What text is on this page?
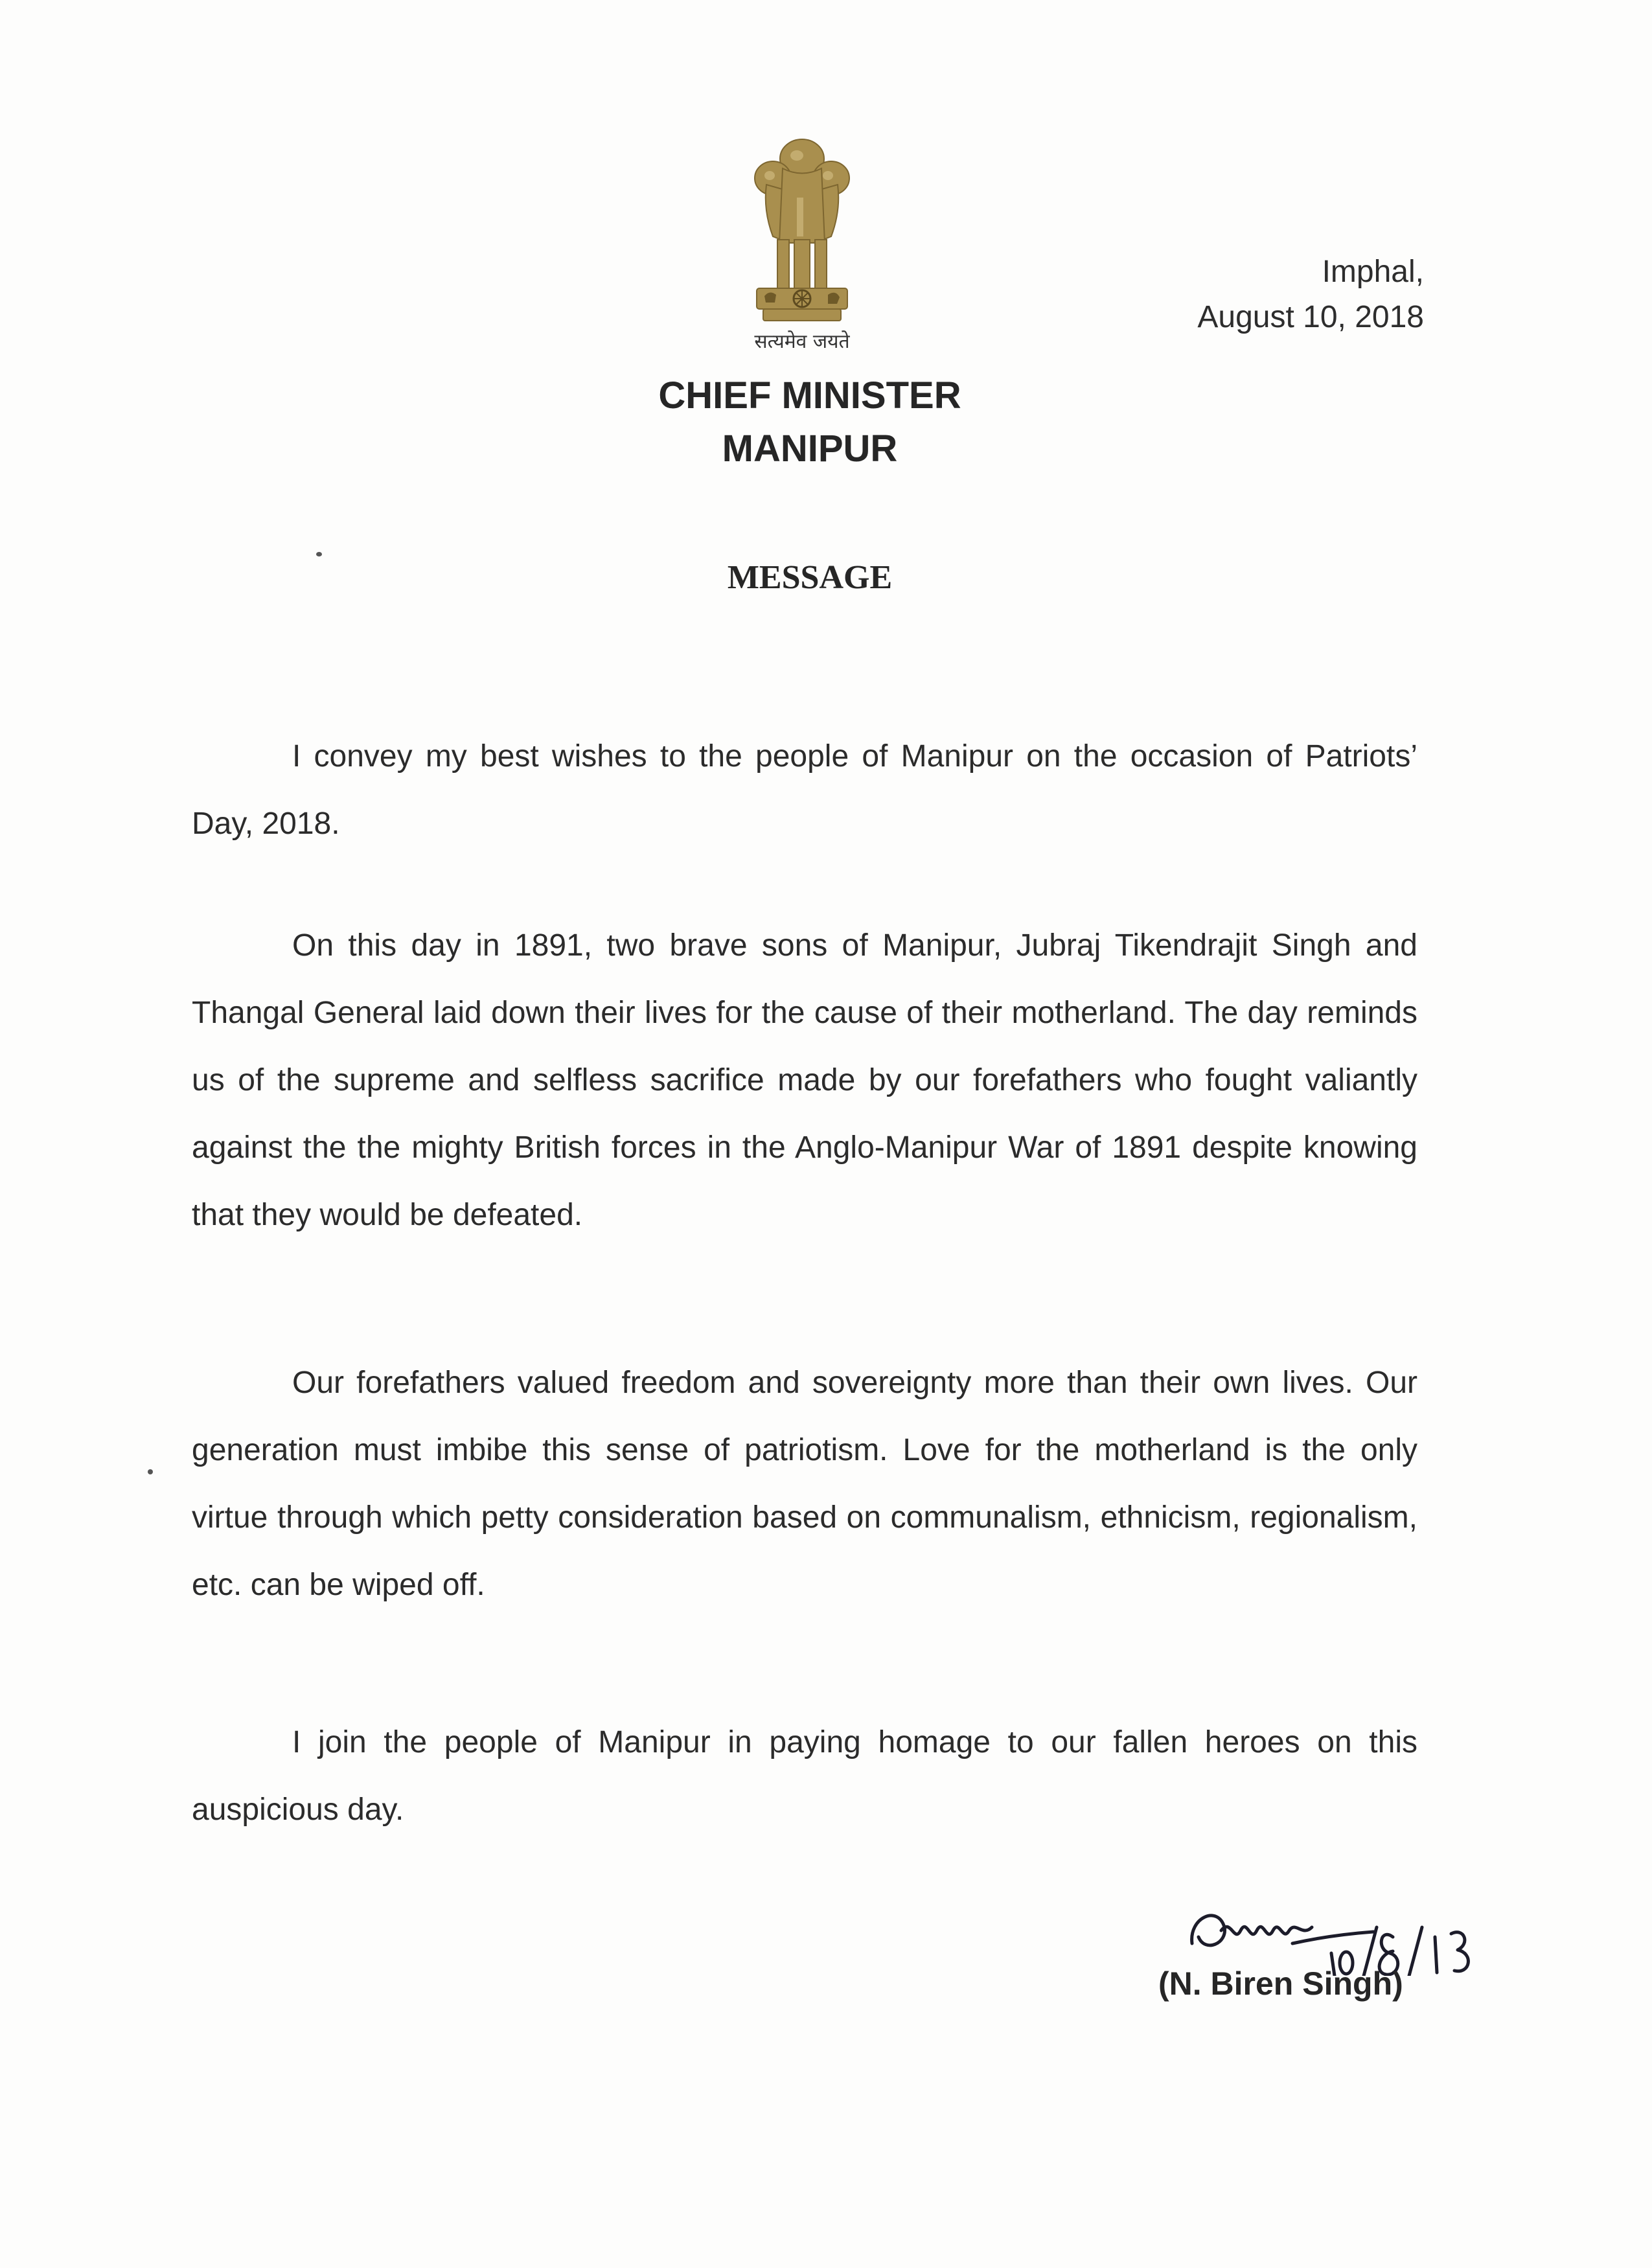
सत्यमेव जयते
Imphal,
August 10, 2018
CHIEF MINISTER
MANIPUR
MESSAGE

I convey my best wishes to the people of Manipur on the occasion of Patriots’ Day, 2018.

On this day in 1891, two brave sons of Manipur, Jubraj Tikendrajit Singh and Thangal General laid down their lives for the cause of their motherland. The day reminds us of the supreme and selfless sacrifice made by our forefathers who fought valiantly against the the mighty British forces in the Anglo-Manipur War of 1891 despite knowing that they would be defeated.

Our forefathers valued freedom and sovereignty more than their own lives. Our generation must imbibe this sense of patriotism. Love for the motherland is the only virtue through which petty consideration based on communalism, ethnicism, regionalism, etc. can be wiped off.

I join the people of Manipur in paying homage to our fallen heroes on this auspicious day.

(N. Biren Singh)
